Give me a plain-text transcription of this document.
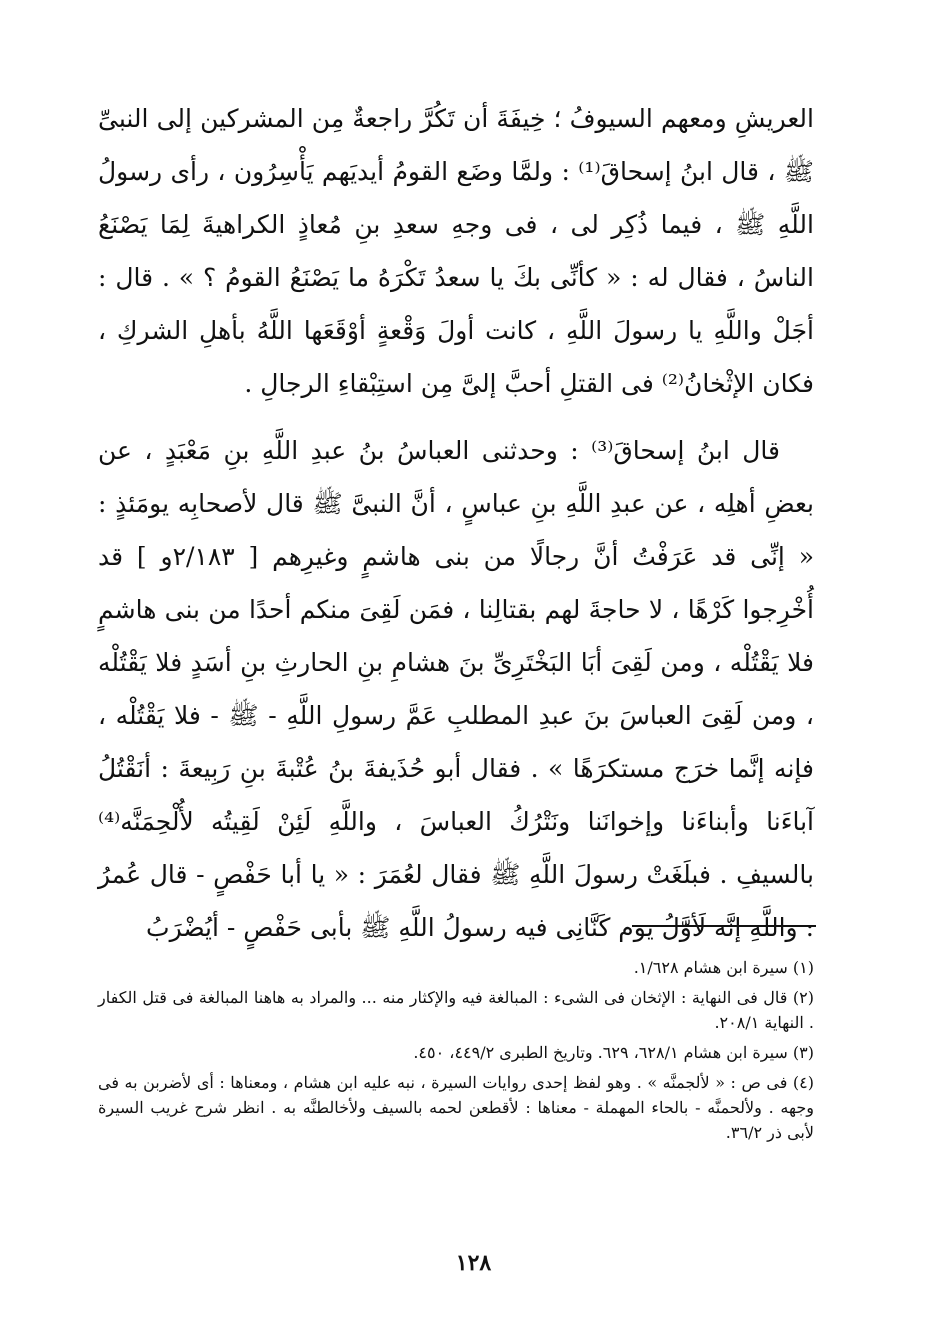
العريشِ ومعهم السيوفُ ؛ خِيفَةَ أن تَكُرَّ راجعةٌ مِن المشركين إلى النبىِّ ﷺ ، قال ابنُ إسحاقَ⁽¹⁾ : ولمَّا وضَع القومُ أيديَهم يَأْسِرُون ، رأى رسولُ اللَّهِ ﷺ ، فيما ذُكِر لى ، فى وجهِ سعدِ بنِ مُعاذٍ الكراهيةَ لِمَا يَصْنَعُ الناسُ ، فقال له : « كأنِّى بكَ يا سعدُ تَكْرَهُ ما يَصْنَعُ القومُ ؟ » . قال : أجَلْ واللَّهِ يا رسولَ اللَّهِ ، كانت أولَ وَقْعةٍ أوْقَعَها اللَّهُ بأهلِ الشركِ ، فكان الإثْخانُ⁽²⁾ فى القتلِ أحبَّ إلىَّ مِن استِبْقاءِ الرجالِ .

قال ابنُ إسحاقَ⁽³⁾ : وحدثنى العباسُ بنُ عبدِ اللَّهِ بنِ مَعْبَدٍ ، عن بعضِ أهلِه ، عن عبدِ اللَّهِ بنِ عباسٍ ، أنَّ النبىَّ ﷺ قال لأصحابِه يومَئذٍ : « إنِّى قد عَرَفْتُ أنَّ رجالًا من بنى هاشمٍ وغيرِهم [ ٢/١٨٣و ] قد أُخْرِجوا كَرْهًا ، لا حاجةَ لهم بقتالِنا ، فمَن لَقِىَ منكم أحدًا من بنى هاشمٍ فلا يَقْتُلْه ، ومن لَقِىَ أبَا البَخْتَرِىِّ بنَ هشامِ بنِ الحارثِ بنِ أسَدٍ فلا يَقْتُلْه ، ومن لَقِىَ العباسَ بنَ عبدِ المطلبِ عَمَّ رسولِ اللَّهِ - ﷺ - فلا يَقْتُلْه ، فإنه إنَّما خرَج مستكرَهًا » . فقال أبو حُذَيفةَ بنُ عُتْبةَ بنِ رَبِيعةَ : أنَقْتُلُ آباءَنا وأبناءَنا وإخوانَنا ونَتْرُكُ العباسَ ، واللَّهِ لَئِنْ لَقِيتُه لأُلْحِمَنَّه⁽⁴⁾ بالسيفِ . فبلَغَتْ رسولَ اللَّهِ ﷺ فقال لعُمَرَ : « يا أبا حَفْصٍ - قال عُمرُ : واللَّهِ إنَّه لَأوَّلُ يوم كَنَّانِى فيه رسولُ اللَّهِ ﷺ بأبى حَفْصٍ - أيُضْرَبُ

(١) سيرة ابن هشام ١/٦٢٨.

(٢) قال فى النهاية : الإثخان فى الشىء : المبالغة فيه والإكثار منه ... والمراد به هاهنا المبالغة فى قتل الكفار . النهاية ٢٠٨/١.

(٣) سيرة ابن هشام ٦٢٨/١، ٦٢٩. وتاريخ الطبرى ٤٤٩/٢، ٤٥٠.

(٤) فى ص : « لألجمنَّه » . وهو لفظ إحدى روايات السيرة ، نبه عليه ابن هشام ، ومعناها : أى لأضربن به فى وجهه . ولألحمنَّه - بالحاء المهملة - معناها : لأقطعن لحمه بالسيف ولأخالطنَّه به . انظر شرح غريب السيرة لأبى ذر ٣٦/٢.

١٢٨
